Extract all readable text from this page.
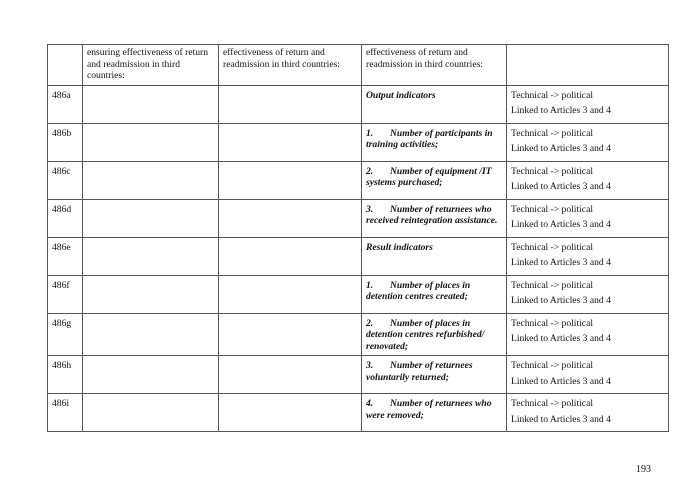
	ensuring effectiveness of return and readmission in third countries:	effectiveness of return and readmission in third countries:	effectiveness of return and readmission in third countries:	
486a			Output indicators	Technical -> political
Linked to Articles 3 and 4

486b			1. Number of participants in training activities;	Technical -> political
Linked to Articles 3 and 4

486c			2. Number of equipment /IT systems purchased;	Technical -> political
Linked to Articles 3 and 4

486d			3. Number of returnees who received reintegration assistance.	Technical -> political
Linked to Articles 3 and 4

486e			Result indicators	Technical -> political
Linked to Articles 3 and 4

486f			1. Number of places in detention centres created;	Technical -> political
Linked to Articles 3 and 4

486g			2. Number of places in detention centres refurbished/ renovated;	Technical -> political
Linked to Articles 3 and 4

486h			3. Number of returnees voluntarily returned;	Technical -> political
Linked to Articles 3 and 4

486i			4. Number of returnees who were removed;	Technical -> political
Linked to Articles 3 and 4
193
